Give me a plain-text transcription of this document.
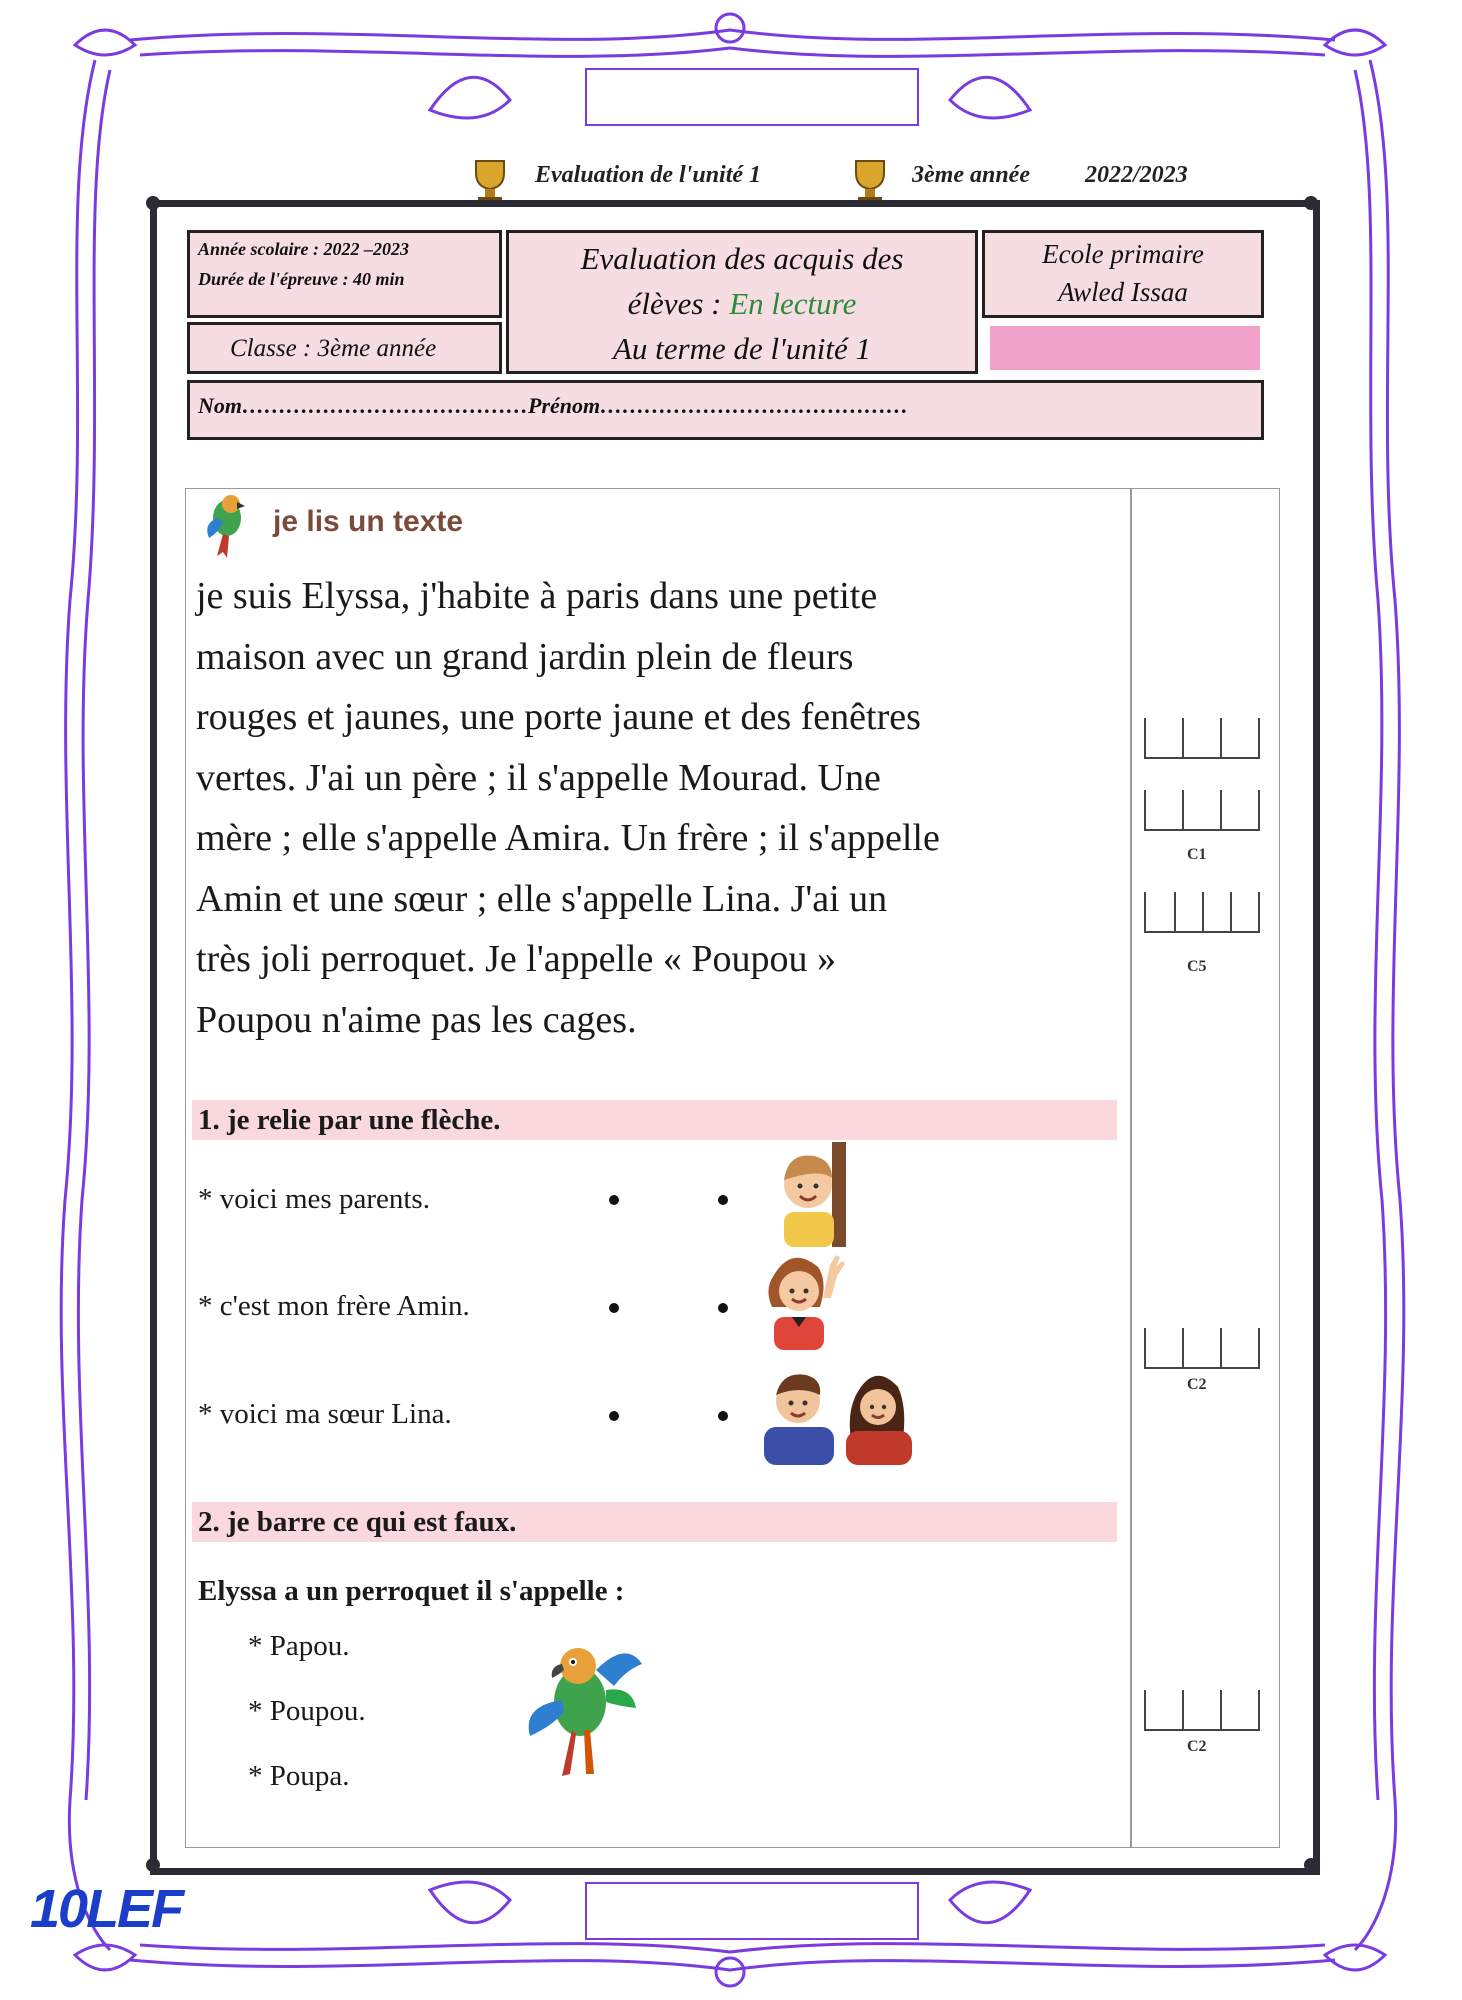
Evaluation de l'unité 1	3ème année 2022/2023
Année scolaire : 2022 –2023
Durée de l'épreuve : 40 min
Classe : 3ème année
Evaluation des acquis des
élèves : En lecture
Au terme de l'unité 1
Ecole primaire
Awled Issaa
Nom…………………………………Prénom……………………………………
je lis un texte
je suis Elyssa, j'habite à paris dans une petite
maison avec un grand jardin plein de fleurs
rouges et jaunes, une porte jaune et des fenêtres
vertes. J'ai un père ; il s'appelle Mourad. Une
mère ; elle s'appelle Amira. Un frère ; il s'appelle
Amin et une sœur ; elle s'appelle Lina. J'ai un
très joli perroquet. Je l'appelle « Poupou »
Poupou n'aime pas les cages.
1. je relie par une flèche.
* voici mes parents.
* c'est mon frère Amin.
* voici ma sœur Lina.
2. je barre ce qui est faux.
Elyssa a un perroquet il s'appelle :
* Papou.
* Poupou.
* Poupa.
C1
C5
C2
C2
10LEF
